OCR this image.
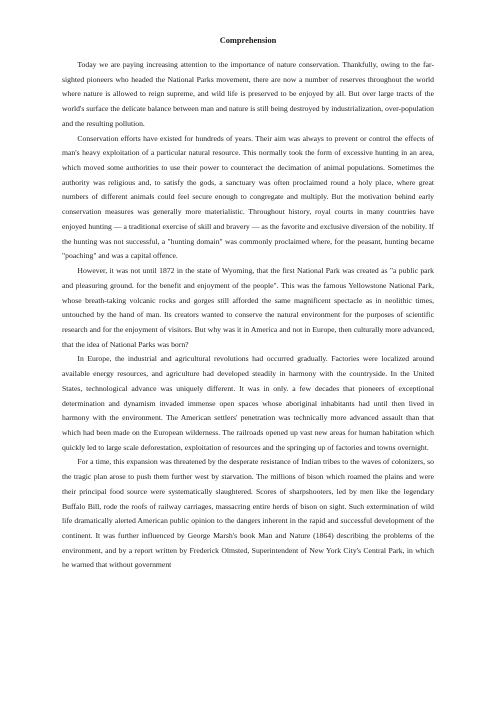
Comprehension

Today we are paying increasing attention to the importance of nature conservation. Thankfully, owing to the far-sighted pioneers who headed the National Parks movement, there are now a number of reserves throughout the world where nature is allowed to reign supreme, and wild life is preserved to be enjoyed by all. But over large tracts of the world's surface the delicate balance between man and nature is still being destroyed by industrialization, over-population and the resulting pollution.

Conservation efforts have existed for hundreds of years. Their aim was always to prevent or control the effects of man's heavy exploitation of a particular natural resource. This normally took the form of excessive hunting in an area, which moved some authorities to use their power to counteract the decimation of animal populations. Sometimes the authority was religious and, to satisfy the gods, a sanctuary was often proclaimed round a holy place, where great numbers of different animals could feel secure enough to congregate and multiply. But the motivation behind early conservation measures was generally more materialistic. Throughout history, royal courts in many countries have enjoyed hunting — a traditional exercise of skill and bravery — as the favorite and exclusive diversion of the nobility. If the hunting was not successful, a "hunting domain" was commonly proclaimed where, for the peasant, hunting became "poaching" and was a capital offence.

However, it was not until 1872 in the state of Wyoming, that the first National Park was created as "a public park and pleasuring ground. for the benefit and enjoyment of the people". This was the famous Yellowstone National Park, whose breath-taking volcanic rocks and gorges still afforded the same magnificent spectacle as in neolithic times, untouched by the hand of man. Its creators wanted to conserve the natural environment for the purposes of scientific research and for the enjoyment of visitors. But why was it in America and not in Europe, then culturally more advanced, that the idea of National Parks was born?

In Europe, the industrial and agricultural revolutions had occurred gradually. Factories were localized around available energy resources, and agriculture had developed steadily in harmony with the countryside. In the United States, technological advance was uniquely different. It was in only. a few decades that pioneers of exceptional determination and dynamism invaded immense open spaces whose aboriginal inhabitants had until then lived in harmony with the environment. The American settlers' penetration was technically more advanced assault than that which had been made on the European wilderness. The railroads opened up vast new areas for human habitation which quickly led to large scale deforestation, exploitation of resources and the springing up of factories and towns overnight.

For a time, this expansion was threatened by the desperate resistance of Indian tribes to the waves of colonizers, so the tragic plan arose to push them further west by starvation. The millions of bison which roamed the plains and were their principal food source were systematically slaughtered. Scores of sharpshooters, led by men like the legendary Buffalo Bill, rode the roofs of railway carriages, massacring entire herds of bison on sight. Such extermination of wild life dramatically alerted American public opinion to the dangers inherent in the rapid and successful development of the continent. It was further influenced by George Marsh's book Man and Nature (1864) describing the problems of the environment, and by a report written by Frederick Olmsted, Superintendent of New York City's Central Park, in which he warned that without government
